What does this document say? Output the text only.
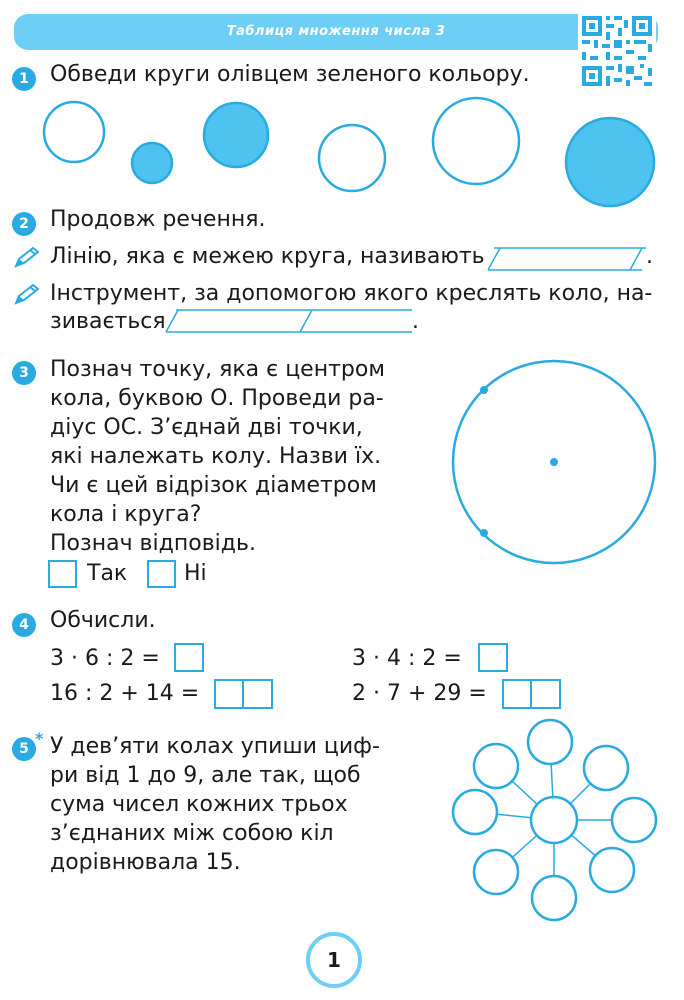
Таблиця множення числа 3
1 Обведи круги олівцем зеленого кольору.
2 Продовж речення.
Лінію, яка є межею круга, називають	.
Інструмент, за допомогою якого креслять коло, на-
зивається	.
3 Познач точку, яка є центром
кола, буквою О. Проведи ра-
діус ОС. З’єднай дві точки,
які належать колу. Назви їх.
Чи є цей відрізок діаметром
кола і круга?
Познач відповідь.
Так	Ні
4 Обчисли.
3 · 6 : 2 =	3 · 4 : 2 =
16 : 2 + 14 =	2 · 7 + 29 =
5
* У дев’яти колах упиши циф-
ри від 1 до 9, але так, щоб
сума чисел кожних трьох
з’єднаних між собою кіл
дорівнювала 15.
1
